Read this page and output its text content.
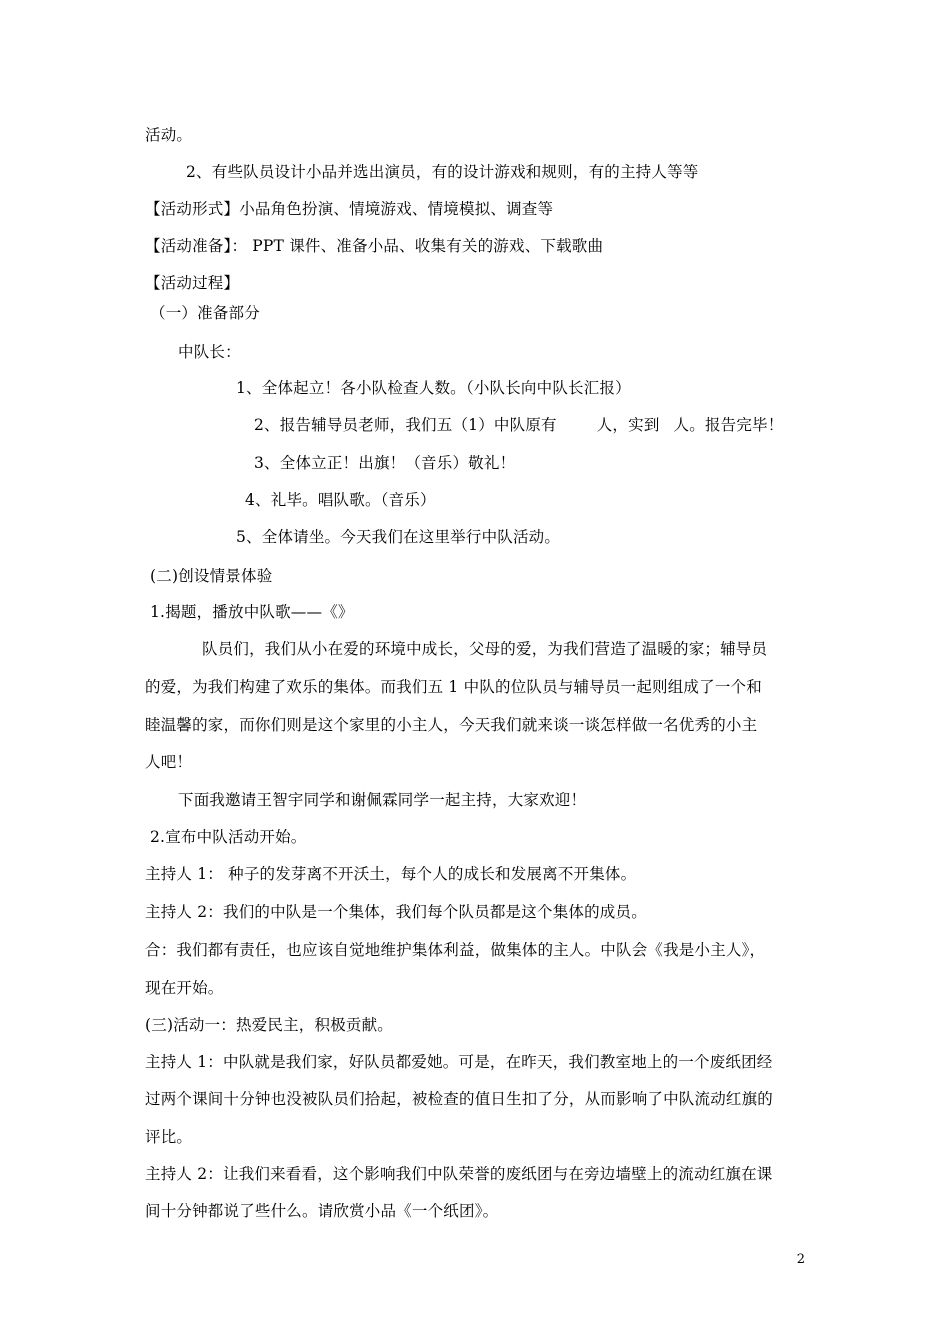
活动。
2、有些队员设计小品并选出演员，有的设计游戏和规则，有的主持人等等
【活动形式】小品角色扮演、情境游戏、情境模拟、调查等
【活动准备】： PPT 课件、准备小品、收集有关的游戏、下载歌曲
【活动过程】
（一）准备部分
中队长：
1、全体起立！各小队检查人数。（小队长向中队长汇报）
2、报告辅导员老师，我们五（1）中队原有	人，实到 人。报告完毕！
3、全体立正！出旗！（音乐）敬礼！
4、礼毕。唱队歌。（音乐）
5、全体请坐。今天我们在这里举行中队活动。
(二)创设情景体验
1.揭题，播放中队歌——《》
队员们，我们从小在爱的环境中成长，父母的爱，为我们营造了温暖的家；辅导员
的爱，为我们构建了欢乐的集体。而我们五 1 中队的位队员与辅导员一起则组成了一个和
睦温馨的家，而你们则是这个家里的小主人，今天我们就来谈一谈怎样做一名优秀的小主
人吧！
下面我邀请王智宇同学和谢佩霖同学一起主持，大家欢迎！
2.宣布中队活动开始。
主持人 1： 种子的发芽离不开沃土，每个人的成长和发展离不开集体。
主持人 2：我们的中队是一个集体，我们每个队员都是这个集体的成员。
合：我们都有责任，也应该自觉地维护集体利益，做集体的主人。中队会《我是小主人》，
现在开始。
(三)活动一：热爱民主，积极贡献。
主持人 1：中队就是我们家，好队员都爱她。可是，在昨天，我们教室地上的一个废纸团经
过两个课间十分钟也没被队员们拾起，被检查的值日生扣了分，从而影响了中队流动红旗的
评比。
主持人 2：让我们来看看，这个影响我们中队荣誉的废纸团与在旁边墙壁上的流动红旗在课
间十分钟都说了些什么。请欣赏小品《一个纸团》。
2
